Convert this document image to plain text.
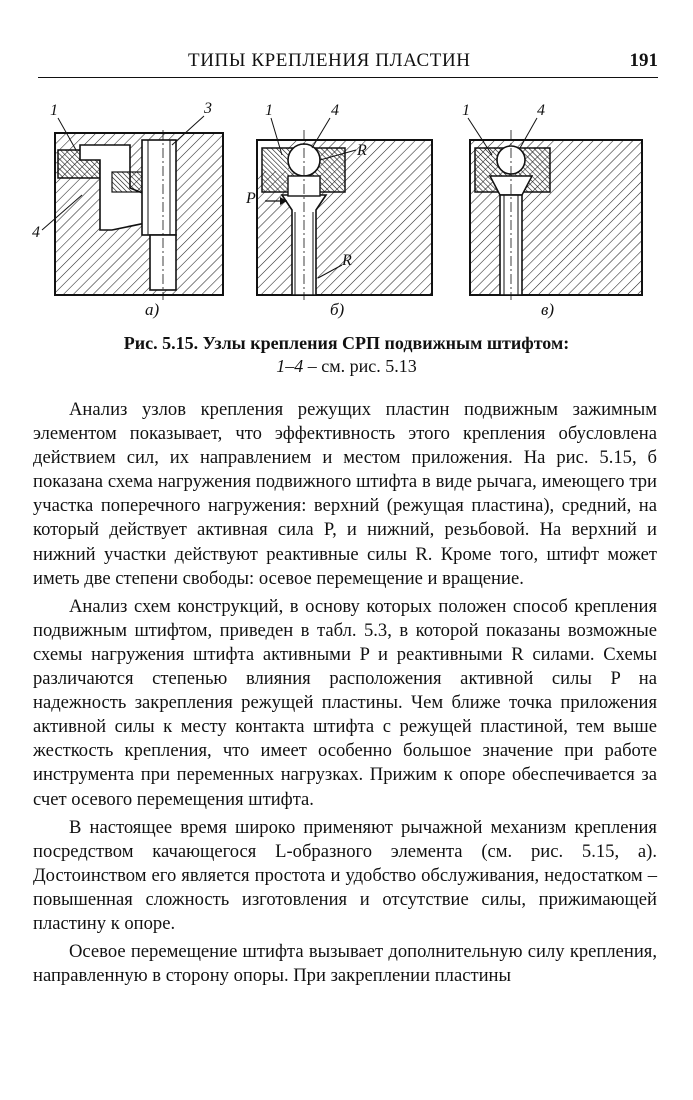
ТИПЫ КРЕПЛЕНИЯ ПЛАСТИН	191
1	3
4
а)
1	4
R
P
R
б)
1	4
в)
Рис. 5.15. Узлы крепления СРП подвижным штифтом:
1–4 – см. рис. 5.13

Анализ узлов крепления режущих пластин подвижным зажимным элементом показывает, что эффективность этого крепления обусловлена действием сил, их направлением и местом приложения. На рис. 5.15, б показана схема нагружения подвижного штифта в виде рычага, имеющего три участка поперечного нагружения: верхний (режущая пластина), средний, на который действует активная сила P, и нижний, резьбовой. На верхний и нижний участки действуют реактивные силы R. Кроме того, штифт может иметь две степени свободы: осевое перемещение и вращение.

Анализ схем конструкций, в основу которых положен способ крепления подвижным штифтом, приведен в табл. 5.3, в которой показаны возможные схемы нагружения штифта активными P и реактивными R силами. Схемы различаются степенью влияния расположения активной силы P на надежность закрепления режущей пластины. Чем ближе точка приложения активной силы к месту контакта штифта с режущей пластиной, тем выше жесткость крепления, что имеет особенно большое значение при работе инструмента при переменных нагрузках. Прижим к опоре обеспечивается за счет осевого перемещения штифта.

В настоящее время широко применяют рычажной механизм крепления посредством качающегося L-образного элемента (см. рис. 5.15, а). Достоинством его является простота и удобство обслуживания, недостатком – повышенная сложность изготовления и отсутствие силы, прижимающей пластину к опоре.

Осевое перемещение штифта вызывает дополнительную силу крепления, направленную в сторону опоры. При закреплении пластины
